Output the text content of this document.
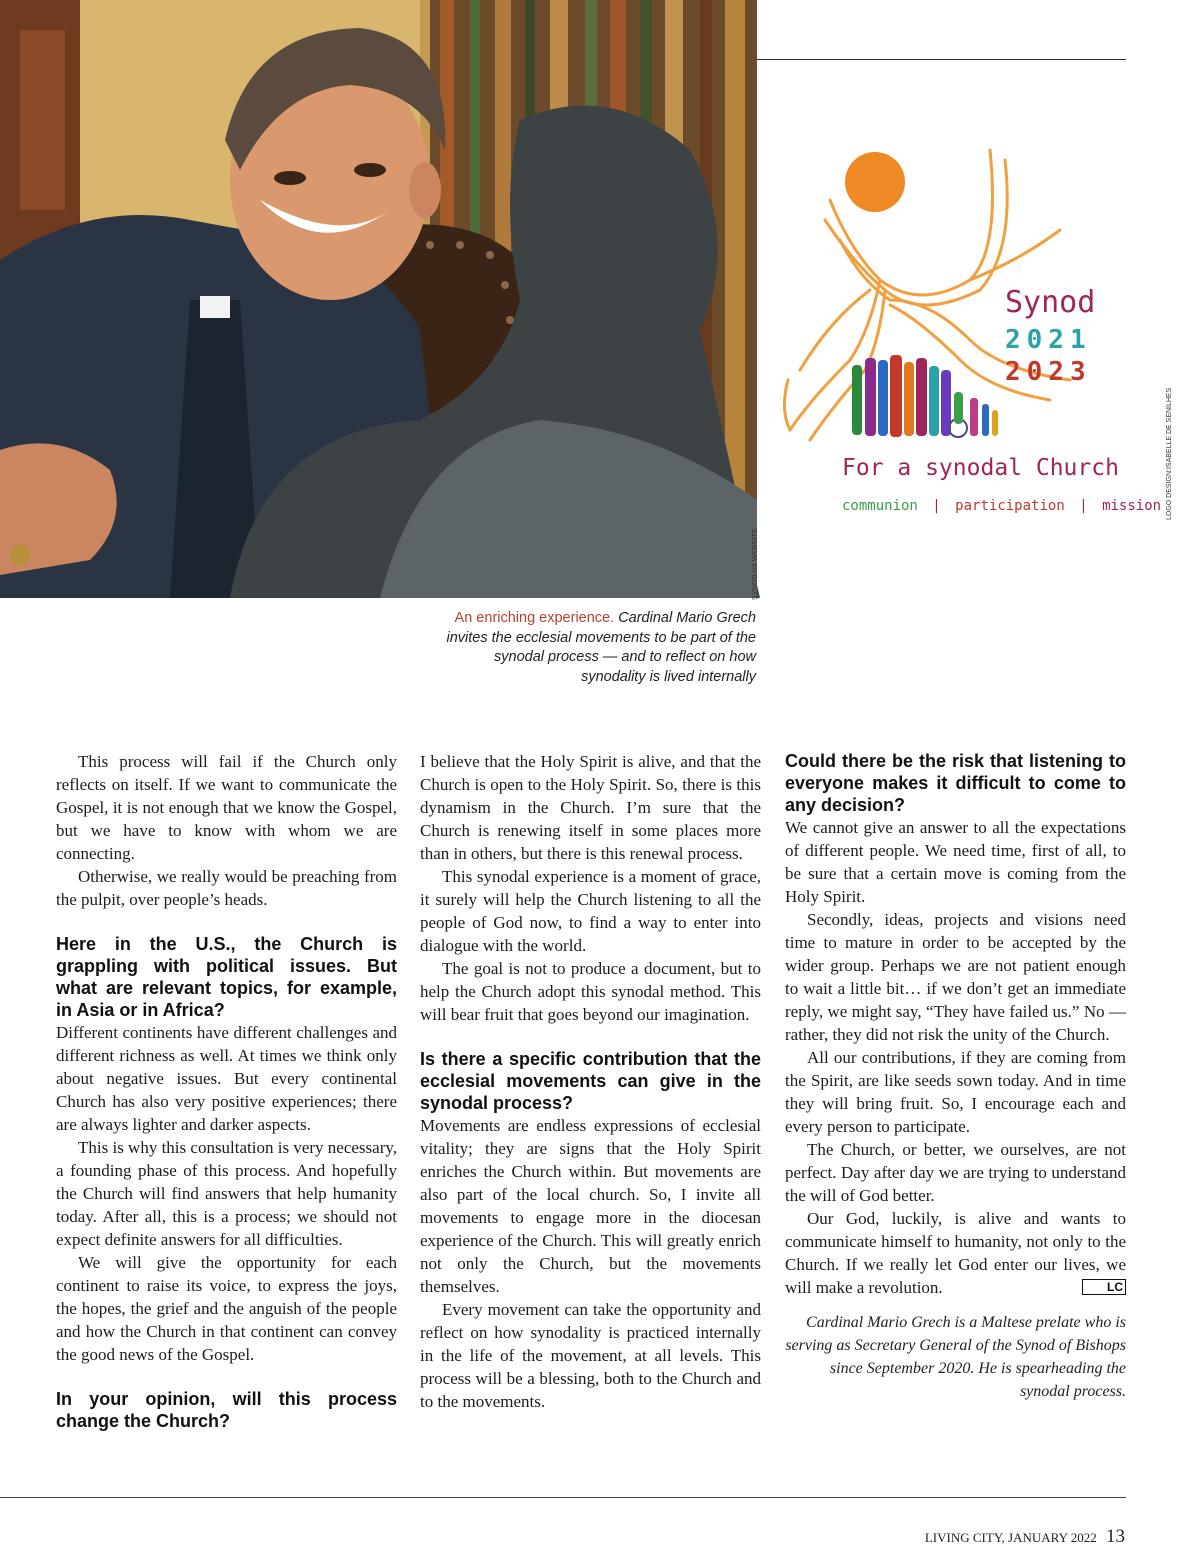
SYNOD.VA WEBSITE
An enriching experience. Cardinal Mario Grech invites the ecclesial movements to be part of the synodal process — and to reflect on how synodality is lived internally
Synod
2021
2023
For a synodal Church
communion | participation | mission LOGO DESIGN:ISABELLE DE SENILHES

This process will fail if the Church only reflects on itself. If we want to communicate the Gospel, it is not enough that we know the Gospel, but we have to know with whom we are connecting.

Otherwise, we really would be preaching from the pulpit, over people’s heads.

Here in the U.S., the Church is grappling with political issues. But what are relevant topics, for example, in Asia or in Africa?

Different continents have different challenges and different richness as well. At times we think only about negative issues. But every continental Church has also very positive experiences; there are always lighter and darker aspects.

This is why this consultation is very necessary, a founding phase of this process. And hopefully the Church will find answers that help humanity today. After all, this is a process; we should not expect definite answers for all difficulties.

We will give the opportunity for each continent to raise its voice, to express the joys, the hopes, the grief and the anguish of the people and how the Church in that continent can convey the good news of the Gospel.

In your opinion, will this process change the Church?

I believe that the Holy Spirit is alive, and that the Church is open to the Holy Spirit. So, there is this dynamism in the Church. I’m sure that the Church is renewing itself in some places more than in others, but there is this renewal process.

This synodal experience is a moment of grace, it surely will help the Church listening to all the people of God now, to find a way to enter into dialogue with the world.

The goal is not to produce a document, but to help the Church adopt this synodal method. This will bear fruit that goes beyond our imagination.

Is there a specific contribution that the ecclesial movements can give in the synodal process?

Movements are endless expressions of ecclesial vitality; they are signs that the Holy Spirit enriches the Church within. But movements are also part of the local church. So, I invite all movements to engage more in the diocesan experience of the Church. This will greatly enrich not only the Church, but the movements themselves.

Every movement can take the opportunity and reflect on how synodality is practiced internally in the life of the movement, at all levels. This process will be a blessing, both to the Church and to the movements.

Could there be the risk that listening to everyone makes it difficult to come to any decision?

We cannot give an answer to all the expectations of different people. We need time, first of all, to be sure that a certain move is coming from the Holy Spirit.

Secondly, ideas, projects and visions need time to mature in order to be accepted by the wider group. Perhaps we are not patient enough to wait a little bit… if we don’t get an immediate reply, we might say, “They have failed us.” No — rather, they did not risk the unity of the Church.

All our contributions, if they are coming from the Spirit, are like seeds sown today. And in time they will bring fruit. So, I encourage each and every person to participate.

The Church, or better, we ourselves, are not perfect. Day after day we are trying to understand the will of God better.

Our God, luckily, is alive and wants to communicate himself to humanity, not only to the Church. If we really let God enter our lives, we will make a revolution.	LC

Cardinal Mario Grech is a Maltese prelate who is serving as Secretary General of the Synod of Bishops since September 2020. He is spearheading the synodal process.
LIVING CITY, JANUARY 2022 13
